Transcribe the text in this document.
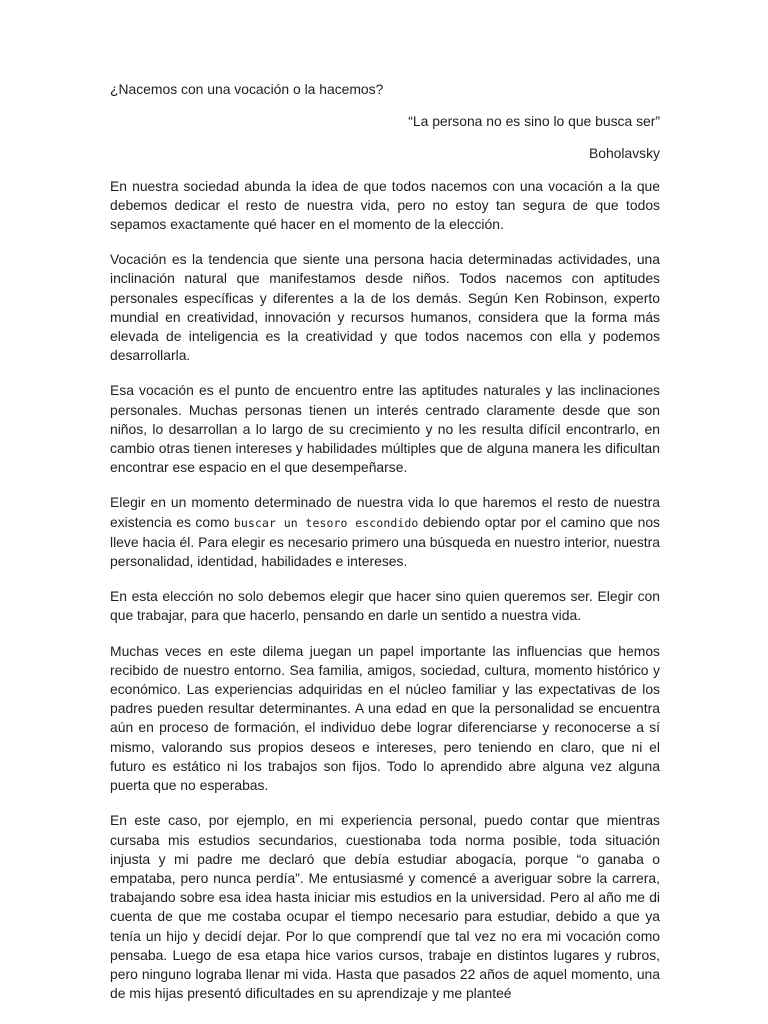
¿Nacemos con una vocación o la hacemos?

“La persona no es sino lo que busca ser”

Boholavsky

En nuestra sociedad abunda la idea de que todos nacemos con una vocación a la que debemos dedicar el resto de nuestra vida, pero no estoy tan segura de que todos sepamos exactamente qué hacer en el momento de la elección.

Vocación es la tendencia que siente una persona hacia determinadas actividades, una inclinación natural que manifestamos desde niños. Todos nacemos con aptitudes personales específicas y diferentes a la de los demás. Según Ken Robinson, experto mundial en creatividad, innovación y recursos humanos, considera que la forma más elevada de inteligencia es la creatividad y que todos nacemos con ella y podemos desarrollarla.

Esa vocación es el punto de encuentro entre las aptitudes naturales y las inclinaciones personales. Muchas personas tienen un interés centrado claramente desde que son niños, lo desarrollan a lo largo de su crecimiento y no les resulta difícil encontrarlo, en cambio otras tienen intereses y habilidades múltiples que de alguna manera les dificultan encontrar ese espacio en el que desempeñarse.

Elegir en un momento determinado de nuestra vida lo que haremos el resto de nuestra existencia es como buscar un tesoro escondido debiendo optar por el camino que nos lleve hacia él. Para elegir es necesario primero una búsqueda en nuestro interior, nuestra personalidad, identidad, habilidades e intereses.

En esta elección no solo debemos elegir que hacer sino quien queremos ser. Elegir con que trabajar, para que hacerlo, pensando en darle un sentido a nuestra vida.

Muchas veces en este dilema juegan un papel importante las influencias que hemos recibido de nuestro entorno. Sea familia, amigos, sociedad, cultura, momento histórico y económico. Las experiencias adquiridas en el núcleo familiar y las expectativas de los padres pueden resultar determinantes. A una edad en que la personalidad se encuentra aún en proceso de formación, el individuo debe lograr diferenciarse y reconocerse a sí mismo, valorando sus propios deseos e intereses, pero teniendo en claro, que ni el futuro es estático ni los trabajos son fijos. Todo lo aprendido abre alguna vez alguna puerta que no esperabas.

En este caso, por ejemplo, en mi experiencia personal, puedo contar que mientras cursaba mis estudios secundarios, cuestionaba toda norma posible, toda situación injusta y mi padre me declaró que debía estudiar abogacía, porque “o ganaba o empataba, pero nunca perdía”. Me entusiasmé y comencé a averiguar sobre la carrera, trabajando sobre esa idea hasta iniciar mis estudios en la universidad. Pero al año me di cuenta de que me costaba ocupar el tiempo necesario para estudiar, debido a que ya tenía un hijo y decidí dejar. Por lo que comprendí que tal vez no era mi vocación como pensaba. Luego de esa etapa hice varios cursos, trabaje en distintos lugares y rubros, pero ninguno lograba llenar mi vida. Hasta que pasados 22 años de aquel momento, una de mis hijas presentó dificultades en su aprendizaje y me planteé
